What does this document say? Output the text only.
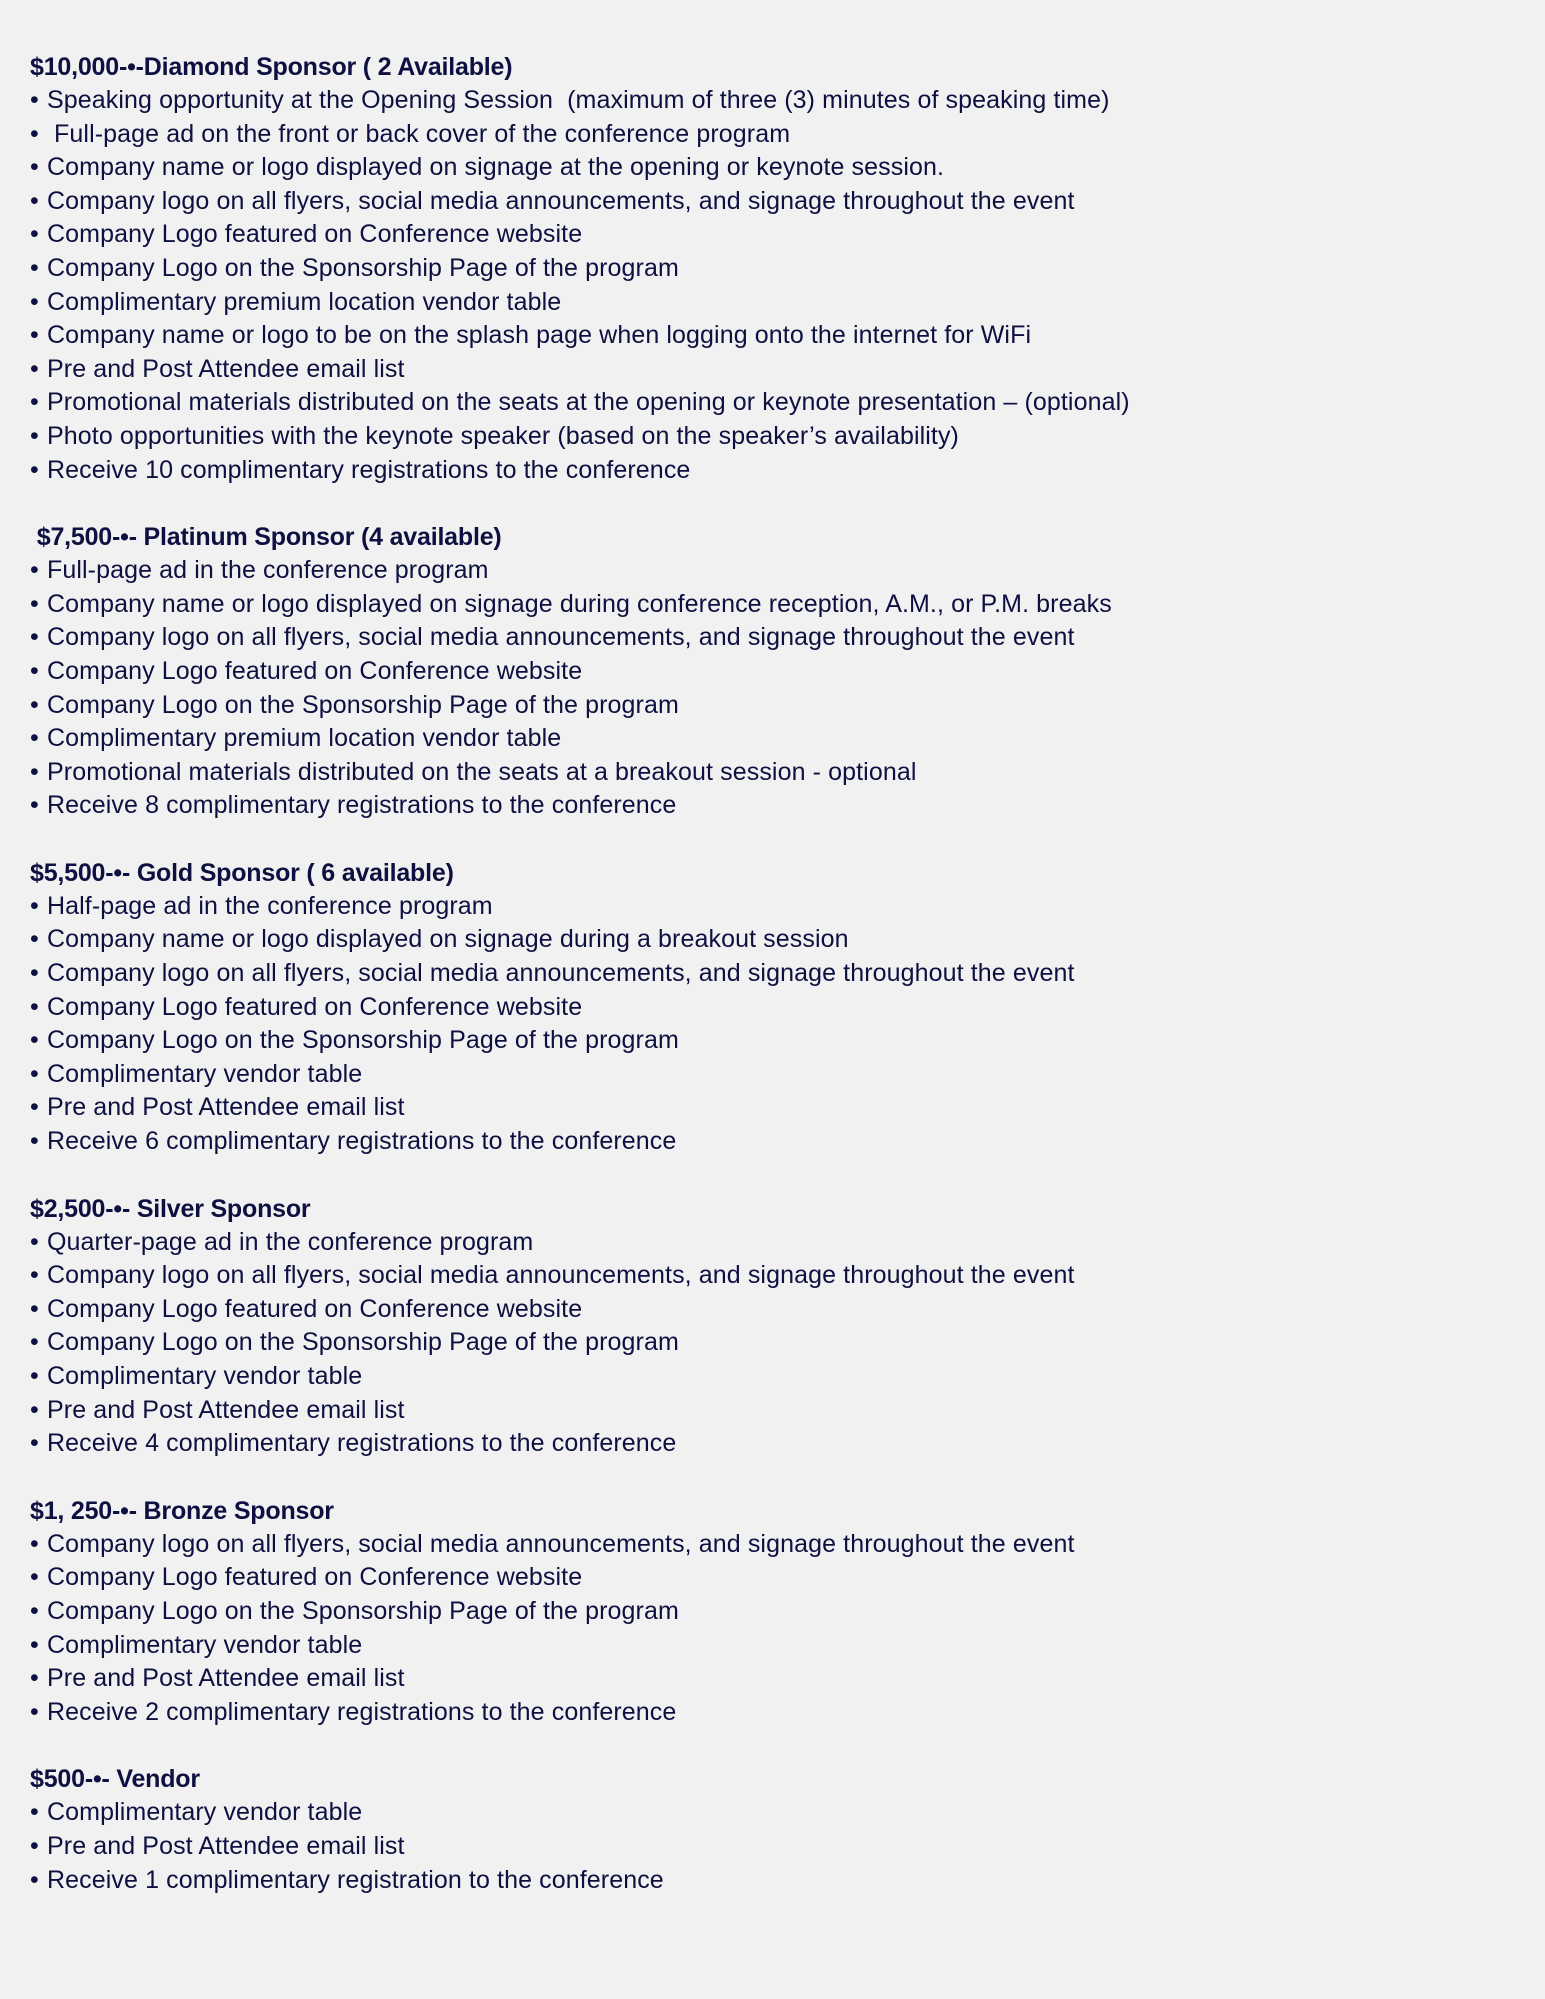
$10,000-•-Diamond Sponsor ( 2 Available)
• Speaking opportunity at the Opening Session  (maximum of three (3) minutes of speaking time)
• Full-page ad on the front or back cover of the conference program
• Company name or logo displayed on signage at the opening or keynote session.
• Company logo on all flyers, social media announcements, and signage throughout the event
• Company Logo featured on Conference website
• Company Logo on the Sponsorship Page of the program
• Complimentary premium location vendor table
• Company name or logo to be on the splash page when logging onto the internet for WiFi
• Pre and Post Attendee email list
• Promotional materials distributed on the seats at the opening or keynote presentation – (optional)
• Photo opportunities with the keynote speaker (based on the speaker’s availability)
• Receive 10 complimentary registrations to the conference
$7,500-•- Platinum Sponsor (4 available)
• Full-page ad in the conference program
• Company name or logo displayed on signage during conference reception, A.M., or P.M. breaks
• Company logo on all flyers, social media announcements, and signage throughout the event
• Company Logo featured on Conference website
• Company Logo on the Sponsorship Page of the program
• Complimentary premium location vendor table
• Promotional materials distributed on the seats at a breakout session - optional
• Receive 8 complimentary registrations to the conference
$5,500-•- Gold Sponsor ( 6 available)
• Half-page ad in the conference program
• Company name or logo displayed on signage during a breakout session
• Company logo on all flyers, social media announcements, and signage throughout the event
• Company Logo featured on Conference website
• Company Logo on the Sponsorship Page of the program
• Complimentary vendor table
• Pre and Post Attendee email list
• Receive 6 complimentary registrations to the conference
$2,500-•- Silver Sponsor
• Quarter-page ad in the conference program
• Company logo on all flyers, social media announcements, and signage throughout the event
• Company Logo featured on Conference website
• Company Logo on the Sponsorship Page of the program
• Complimentary vendor table
• Pre and Post Attendee email list
• Receive 4 complimentary registrations to the conference
$1, 250-•- Bronze Sponsor
• Company logo on all flyers, social media announcements, and signage throughout the event
• Company Logo featured on Conference website
• Company Logo on the Sponsorship Page of the program
• Complimentary vendor table
• Pre and Post Attendee email list
• Receive 2 complimentary registrations to the conference
$500-•- Vendor
• Complimentary vendor table
• Pre and Post Attendee email list
• Receive 1 complimentary registration to the conference
